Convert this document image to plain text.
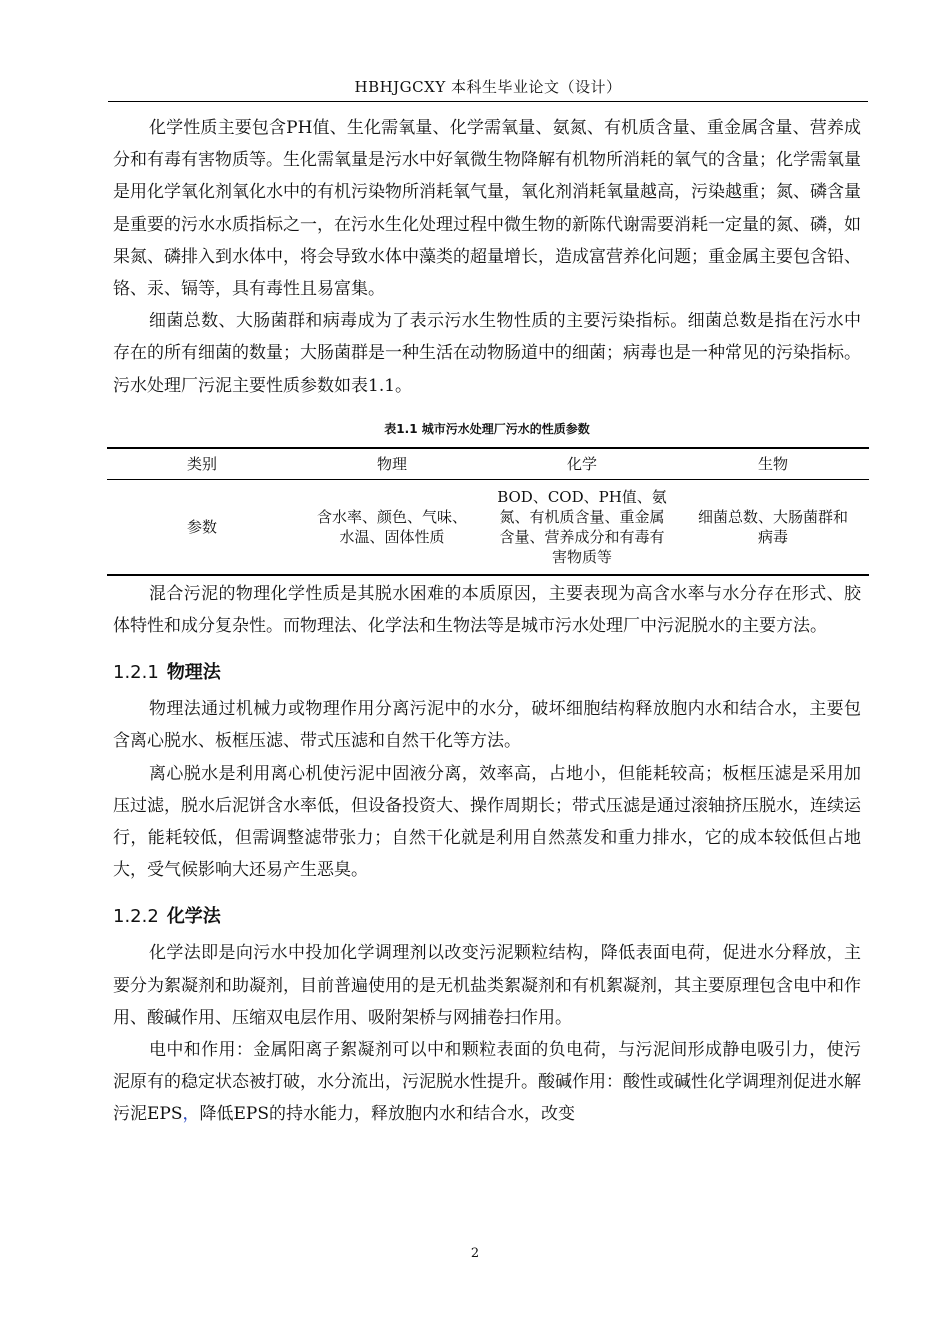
HBHJGCXY 本科生毕业论文（设计）

化学性质主要包含PH值、生化需氧量、化学需氧量、氨氮、有机质含量、重金属含量、营养成分和有毒有害物质等。生化需氧量是污水中好氧微生物降解有机物所消耗的氧气的含量；化学需氧量是用化学氧化剂氧化水中的有机污染物所消耗氧气量，氧化剂消耗氧量越高，污染越重；氮、磷含量是重要的污水水质指标之一，在污水生化处理过程中微生物的新陈代谢需要消耗一定量的氮、磷，如果氮、磷排入到水体中，将会导致水体中藻类的超量增长，造成富营养化问题；重金属主要包含铅、铬、汞、镉等，具有毒性且易富集。

细菌总数、大肠菌群和病毒成为了表示污水生物性质的主要污染指标。细菌总数是指在污水中存在的所有细菌的数量；大肠菌群是一种生活在动物肠道中的细菌；病毒也是一种常见的污染指标。污水处理厂污泥主要性质参数如表1.1。

表1.1 城市污水处理厂污水的性质参数
类别	物理	化学	生物
参数	含水率、颜色、气味、水温、固体性质	BOD、COD、PH值、氨氮、有机质含量、重金属含量、营养成分和有毒有害物质等	细菌总数、大肠菌群和病毒

混合污泥的物理化学性质是其脱水困难的本质原因，主要表现为高含水率与水分存在形式、胶体特性和成分复杂性。而物理法、化学法和生物法等是城市污水处理厂中污泥脱水的主要方法。

1.2.1 物理法

物理法通过机械力或物理作用分离污泥中的水分，破坏细胞结构释放胞内水和结合水，主要包含离心脱水、板框压滤、带式压滤和自然干化等方法。

离心脱水是利用离心机使污泥中固液分离，效率高，占地小，但能耗较高；板框压滤是采用加压过滤，脱水后泥饼含水率低，但设备投资大、操作周期长；带式压滤是通过滚轴挤压脱水，连续运行，能耗较低，但需调整滤带张力；自然干化就是利用自然蒸发和重力排水，它的成本较低但占地大，受气候影响大还易产生恶臭。

1.2.2 化学法

化学法即是向污水中投加化学调理剂以改变污泥颗粒结构，降低表面电荷，促进水分释放，主要分为絮凝剂和助凝剂，目前普遍使用的是无机盐类絮凝剂和有机絮凝剂，其主要原理包含电中和作用、酸碱作用、压缩双电层作用、吸附架桥与网捕卷扫作用。

电中和作用：金属阳离子絮凝剂可以中和颗粒表面的负电荷，与污泥间形成静电吸引力，使污泥原有的稳定状态被打破，水分流出，污泥脱水性提升。酸碱作用：酸性或碱性化学调理剂促进水解污泥EPS，降低EPS的持水能力，释放胞内水和结合水，改变

2
